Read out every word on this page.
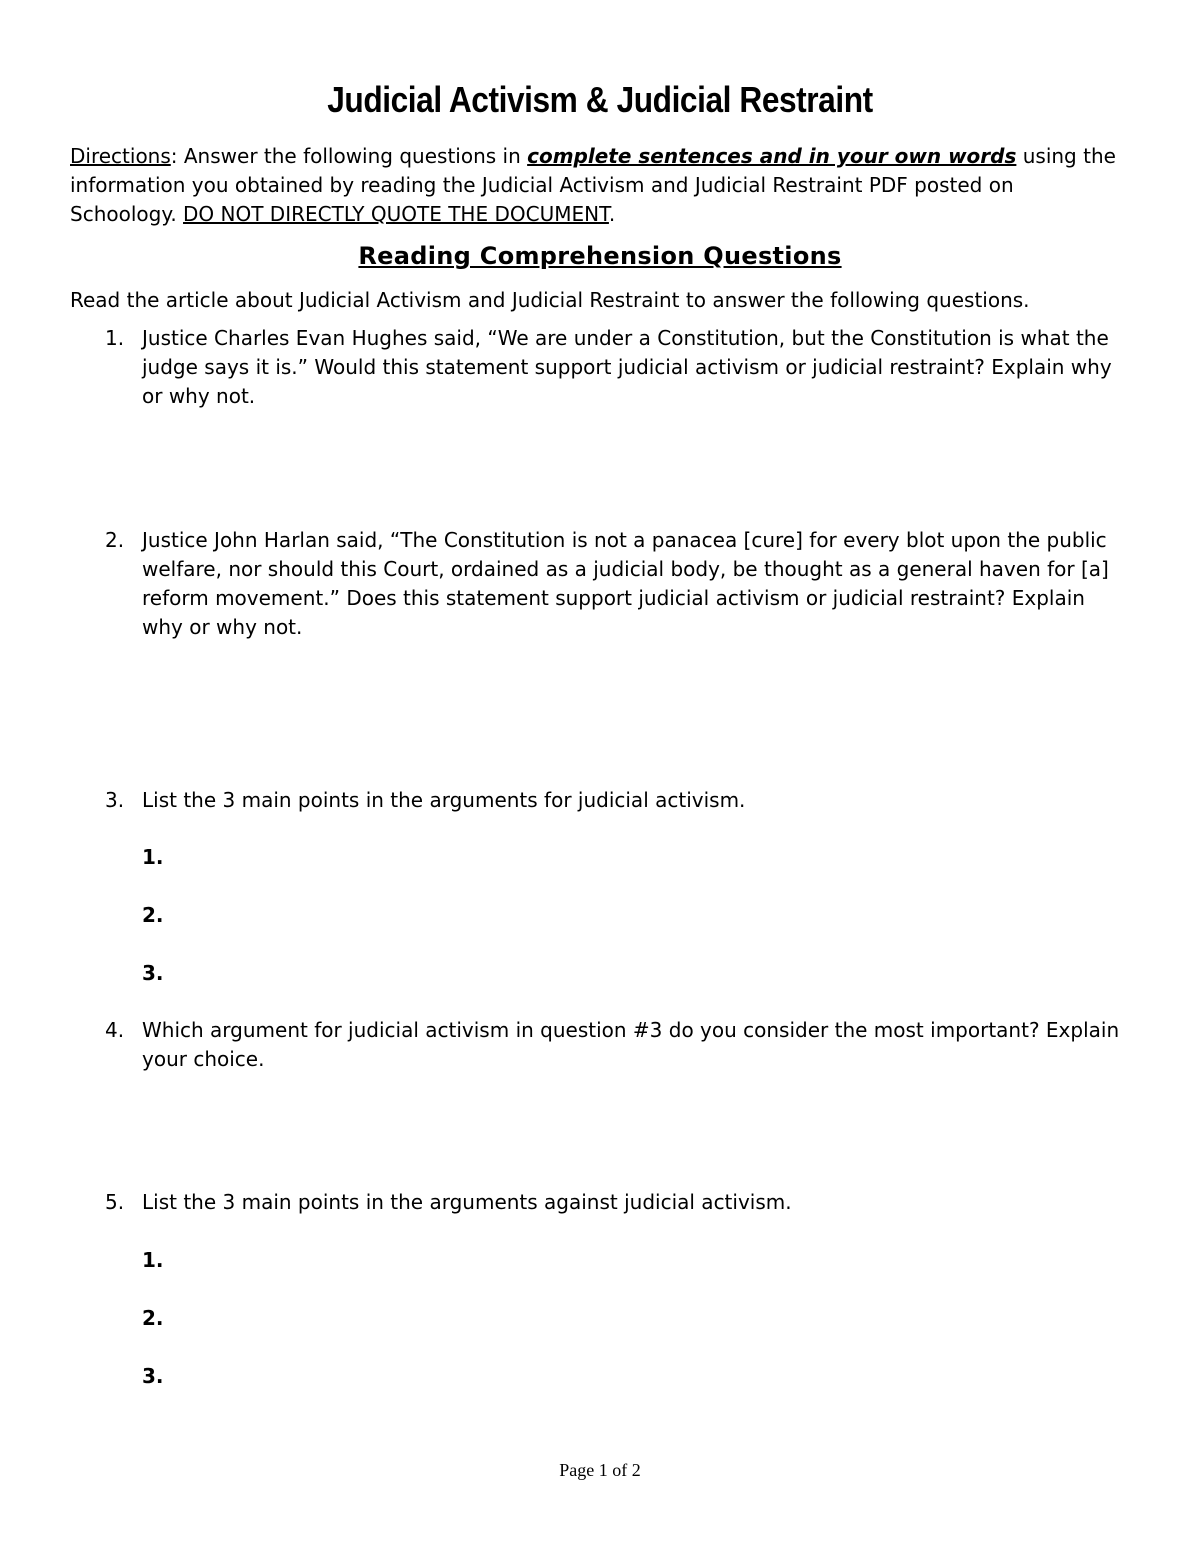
Judicial Activism & Judicial Restraint
Directions: Answer the following questions in complete sentences and in your own words using the information you obtained by reading the Judicial Activism and Judicial Restraint PDF posted on Schoology. DO NOT DIRECTLY QUOTE THE DOCUMENT.
Reading Comprehension Questions
Read the article about Judicial Activism and Judicial Restraint to answer the following questions.
1. Justice Charles Evan Hughes said, “We are under a Constitution, but the Constitution is what the judge says it is.” Would this statement support judicial activism or judicial restraint? Explain why or why not.
2. Justice John Harlan said, “The Constitution is not a panacea [cure] for every blot upon the public welfare, nor should this Court, ordained as a judicial body, be thought as a general haven for [a] reform movement.” Does this statement support judicial activism or judicial restraint? Explain why or why not.
3. List the 3 main points in the arguments for judicial activism.
1.
2.
3.
4. Which argument for judicial activism in question #3 do you consider the most important? Explain your choice.
5. List the 3 main points in the arguments against judicial activism.
1.
2.
3.
Page 1 of 2
